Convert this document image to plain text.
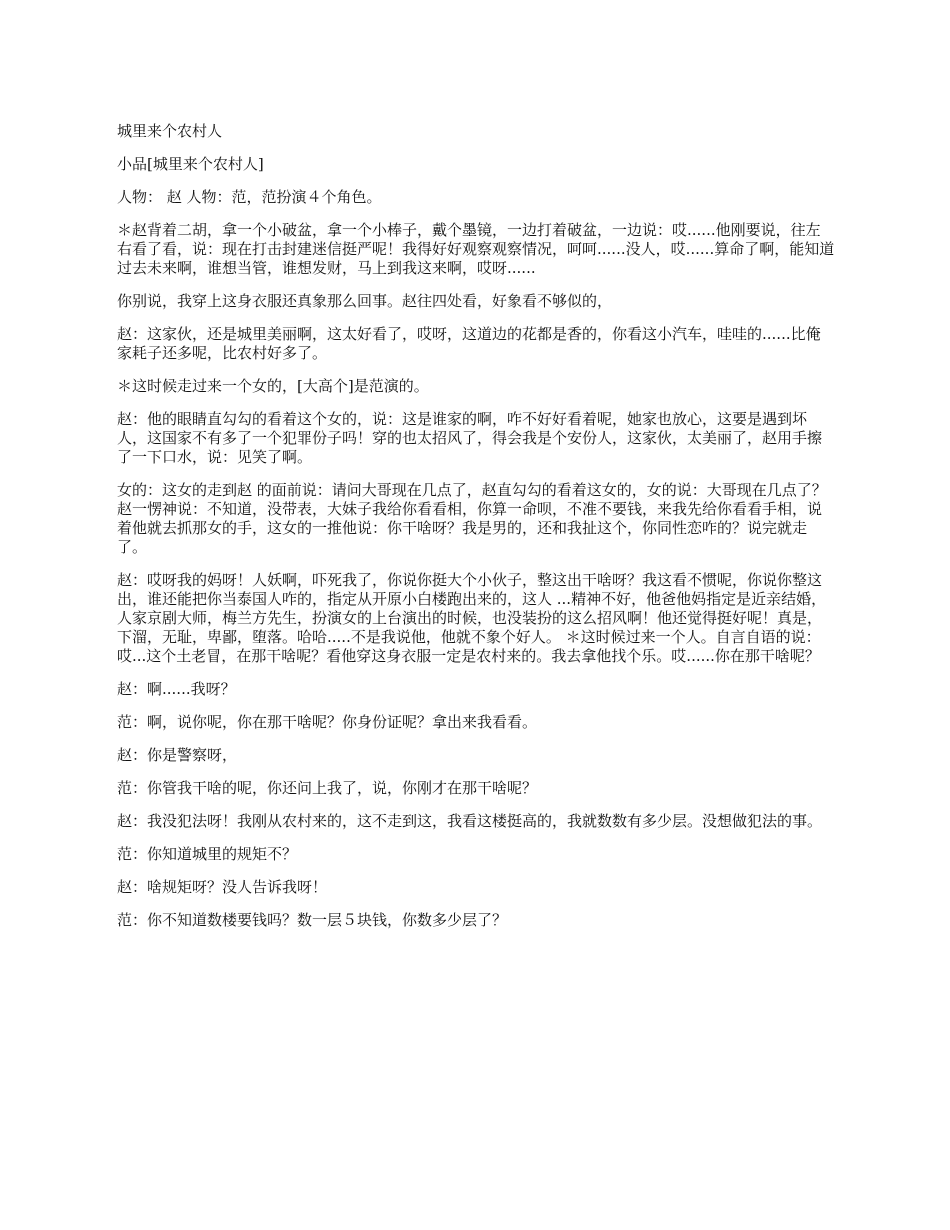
城里来个农村人

小品[城里来个农村人]

人物： 赵 人物：范，范扮演４个角色。

＊赵背着二胡，拿一个小破盆，拿一个小棒子，戴个墨镜，一边打着破盆，一边说：哎......他刚要说，往左右看了看，说：现在打击封建迷信挺严呢！我得好好观察观察情况，呵呵......没人，哎......算命了啊，能知道过去未来啊，谁想当管，谁想发财，马上到我这来啊，哎呀......

你别说，我穿上这身衣服还真象那么回事。赵往四处看，好象看不够似的，

赵：这家伙，还是城里美丽啊，这太好看了，哎呀，这道边的花都是香的，你看这小汽车，哇哇的......比俺家耗子还多呢，比农村好多了。

＊这时候走过来一个女的，[大高个]是范演的。

赵：他的眼睛直勾勾的看着这个女的，说：这是谁家的啊，咋不好好看着呢，她家也放心，这要是遇到坏人，这国家不有多了一个犯罪份子吗！穿的也太招风了，得会我是个安份人，这家伙，太美丽了，赵用手擦了一下口水，说：见笑了啊。

女的：这女的走到赵 的面前说：请问大哥现在几点了，赵直勾勾的看着这女的，女的说：大哥现在几点了？赵一愣神说：不知道，没带表，大妹子我给你看看相，你算一命呗，不准不要钱，来我先给你看看手相，说着他就去抓那女的手，这女的一推他说：你干啥呀？我是男的，还和我扯这个，你同性恋咋的？说完就走了。

赵：哎呀我的妈呀！人妖啊，吓死我了，你说你挺大个小伙子，整这出干啥呀？我这看不惯呢，你说你整这出，谁还能把你当泰国人咋的，指定从开原小白楼跑出来的，这人 ...精神不好，他爸他妈指定是近亲结婚，人家京剧大师，梅兰方先生，扮演女的上台演出的时候，也没装扮的这么招风啊！他还觉得挺好呢！真是，下溜，无耻，卑鄙，堕落。哈哈.....不是我说他，他就不象个好人。 ＊这时候过来一个人。自言自语的说：哎...这个土老冒，在那干啥呢？看他穿这身衣服一定是农村来的。我去拿他找个乐。哎......你在那干啥呢？

赵：啊......我呀？

范：啊，说你呢，你在那干啥呢？你身份证呢？拿出来我看看。

赵：你是警察呀，

范：你管我干啥的呢，你还问上我了，说，你刚才在那干啥呢？

赵：我没犯法呀！我刚从农村来的，这不走到这，我看这楼挺高的，我就数数有多少层。没想做犯法的事。

范：你知道城里的规矩不？

赵：啥规矩呀？没人告诉我呀！

范：你不知道数楼要钱吗？数一层５块钱，你数多少层了？
